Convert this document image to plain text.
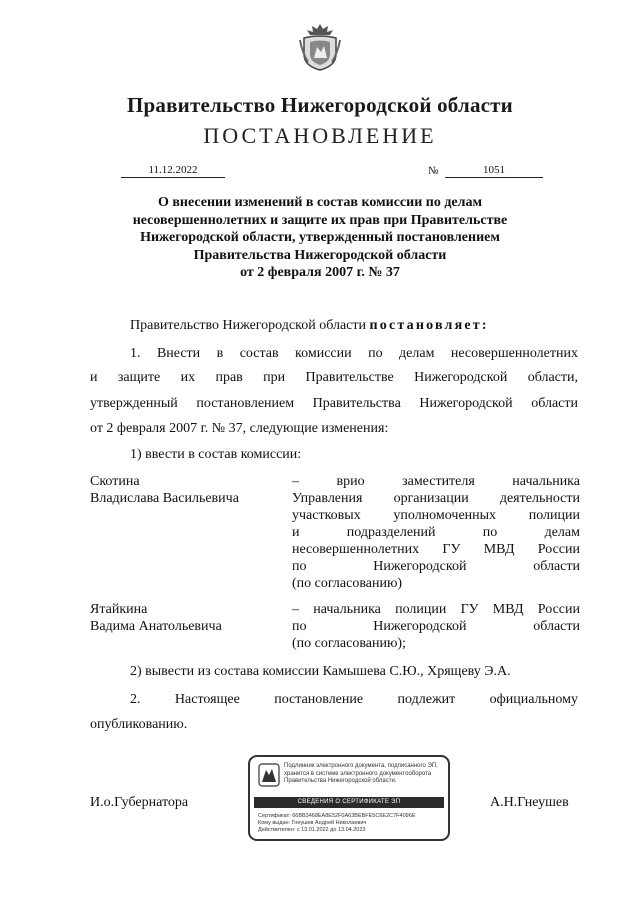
Правительство Нижегородской области
ПОСТАНОВЛЕНИЕ
11.12.2022	№	1051
О внесении изменений в состав комиссии по делам
несовершеннолетних и защите их прав при Правительстве
Нижегородской области, утвержденный постановлением
Правительства Нижегородской области
от 2 февраля 2007 г. № 37
Правительство Нижегородской области постановляет:
1. Внести в состав комиссии по делам несовершеннолетних
и защите их прав при Правительстве Нижегородской области,
утвержденный постановлением Правительства Нижегородской области
от 2 февраля 2007 г. № 37, следующие изменения:
1) ввести в состав комиссии:
Скотина
Владислава Васильевича
– врио заместителя начальника
Управления организации деятельности
участковых уполномоченных полиции
и подразделений по делам
несовершеннолетних ГУ МВД России
по Нижегородской области
(по согласованию)
Ятайкина
Вадима Анатольевича
– начальника полиции ГУ МВД России
по Нижегородской области
(по согласованию);
2) вывести из состава комиссии Камышева С.Ю., Хрящеву Э.А.
2. Настоящее постановление подлежит официальному
опубликованию.
И.о.Губернатора	А.Н.Гнеушев
Подлинник электронного документа, подписанного ЭП,
хранится в системе электронного документооборота
Правительства Нижегородской области.
СВЕДЕНИЯ О СЕРТИФИКАТЕ ЭП
Сертификат: 66BB3468EA8E52F0A63BEBFE5C6E2C7F4096E
Кому выдан: Гнеушев Андрей Николаевич
Действителен: с 13.01.2022 до 13.04.2023
